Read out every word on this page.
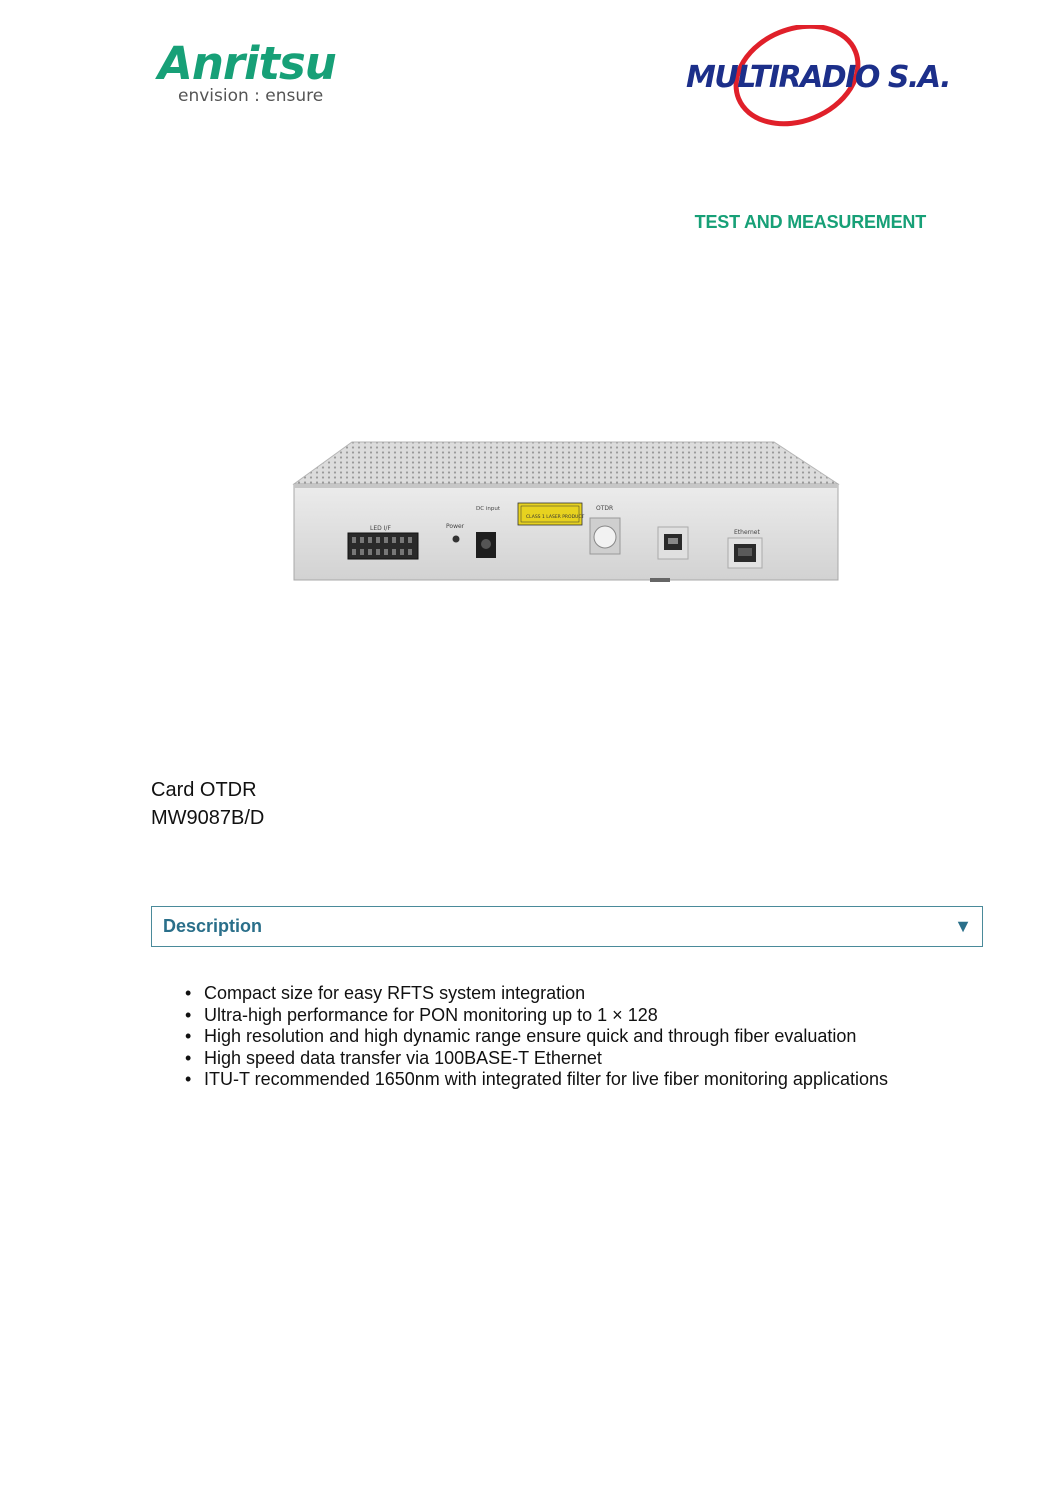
Anritsu
envision : ensure
MULTIRADIO S.A.
TEST AND MEASUREMENT
LED I/F	Power
DC input
CLASS 1 LASER PRODUCT
OTDR
Ethernet
Card OTDR
MW9087B/D
Description	▼
• Compact size for easy RFTS system integration
• Ultra-high performance for PON monitoring up to 1 × 128
• High resolution and high dynamic range ensure quick and through fiber evaluation
• High speed data transfer via 100BASE-T Ethernet
• ITU-T recommended 1650nm with integrated filter for live fiber monitoring applications
